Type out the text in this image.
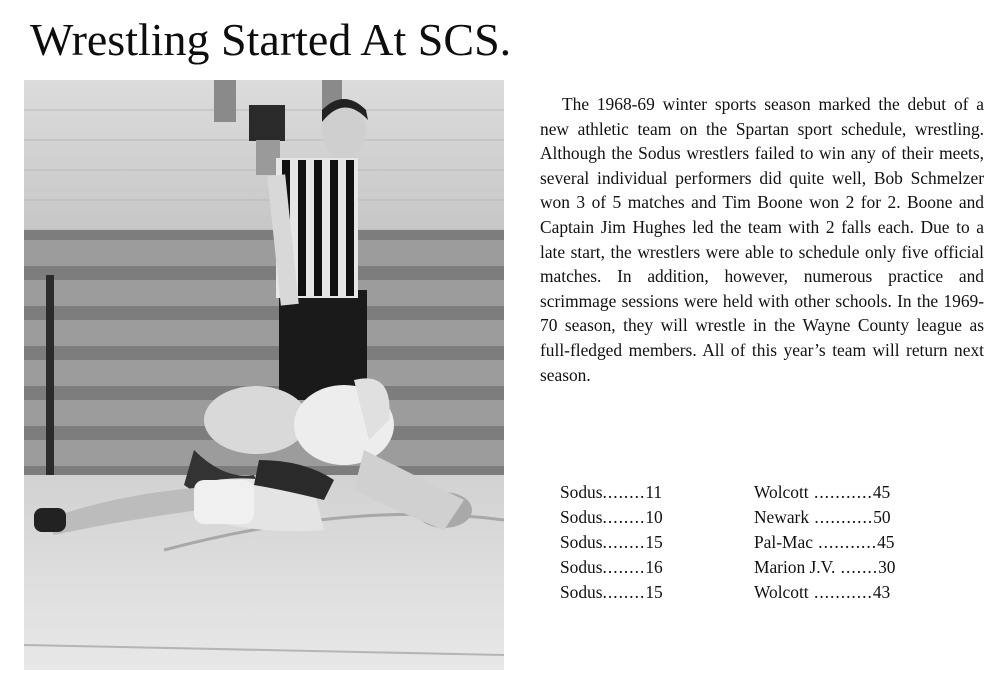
Wrestling Started At SCS.

The 1968-69 winter sports season marked the debut of a new athletic team on the Spartan sport schedule, wrestling. Although the Sodus wrestlers failed to win any of their meets, several individual performers did quite well, Bob Schmelzer won 3 of 5 matches and Tim Boone won 2 for 2. Boone and Captain Jim Hughes led the team with 2 falls each. Due to a late start, the wrestlers were able to schedule only five official matches. In addition, however, numerous practice and scrimmage sessions were held with other schools. In the 1969-70 season, they will wrestle in the Wayne County league as full-fledged members. All of this year’s team will return next season.

Sodus........11	Wolcott ...........45
Sodus........10	Newark ...........50
Sodus........15	Pal-Mac ...........45
Sodus........16	Marion J.V. .......30
Sodus........15	Wolcott ...........43
